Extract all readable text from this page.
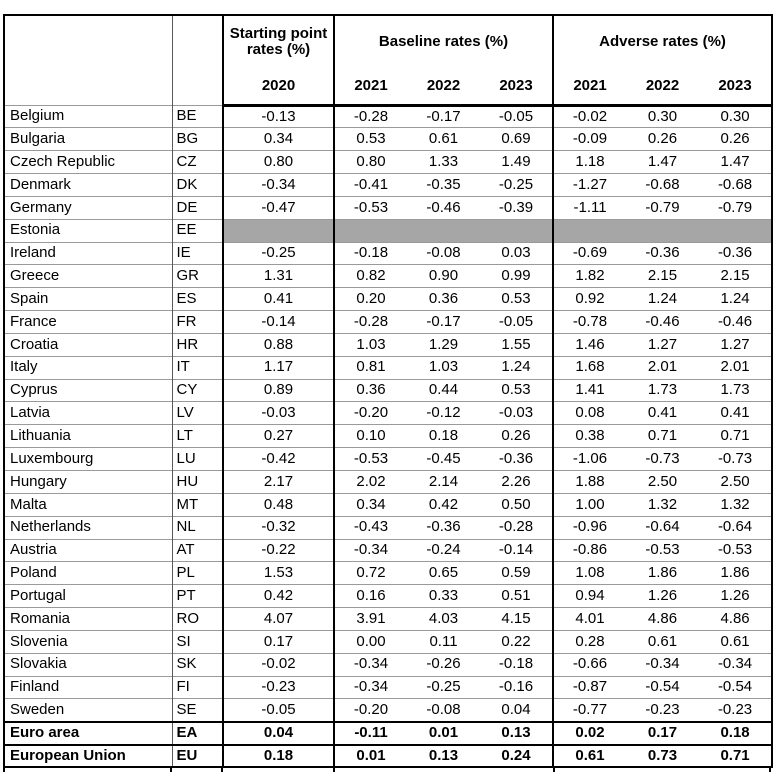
		Starting point rates (%)	Baseline rates (%)			Adverse rates (%)		
		2020	2021	2022	2023	2021	2022	2023
Belgium	BE	-0.13	-0.28	-0.17	-0.05	-0.02	0.30	0.30
Bulgaria	BG	0.34	0.53	0.61	0.69	-0.09	0.26	0.26
Czech Republic	CZ	0.80	0.80	1.33	1.49	1.18	1.47	1.47
Denmark	DK	-0.34	-0.41	-0.35	-0.25	-1.27	-0.68	-0.68
Germany	DE	-0.47	-0.53	-0.46	-0.39	-1.11	-0.79	-0.79
Estonia	EE							
Ireland	IE	-0.25	-0.18	-0.08	0.03	-0.69	-0.36	-0.36
Greece	GR	1.31	0.82	0.90	0.99	1.82	2.15	2.15
Spain	ES	0.41	0.20	0.36	0.53	0.92	1.24	1.24
France	FR	-0.14	-0.28	-0.17	-0.05	-0.78	-0.46	-0.46
Croatia	HR	0.88	1.03	1.29	1.55	1.46	1.27	1.27
Italy	IT	1.17	0.81	1.03	1.24	1.68	2.01	2.01
Cyprus	CY	0.89	0.36	0.44	0.53	1.41	1.73	1.73
Latvia	LV	-0.03	-0.20	-0.12	-0.03	0.08	0.41	0.41
Lithuania	LT	0.27	0.10	0.18	0.26	0.38	0.71	0.71
Luxembourg	LU	-0.42	-0.53	-0.45	-0.36	-1.06	-0.73	-0.73
Hungary	HU	2.17	2.02	2.14	2.26	1.88	2.50	2.50
Malta	MT	0.48	0.34	0.42	0.50	1.00	1.32	1.32
Netherlands	NL	-0.32	-0.43	-0.36	-0.28	-0.96	-0.64	-0.64
Austria	AT	-0.22	-0.34	-0.24	-0.14	-0.86	-0.53	-0.53
Poland	PL	1.53	0.72	0.65	0.59	1.08	1.86	1.86
Portugal	PT	0.42	0.16	0.33	0.51	0.94	1.26	1.26
Romania	RO	4.07	3.91	4.03	4.15	4.01	4.86	4.86
Slovenia	SI	0.17	0.00	0.11	0.22	0.28	0.61	0.61
Slovakia	SK	-0.02	-0.34	-0.26	-0.18	-0.66	-0.34	-0.34
Finland	FI	-0.23	-0.34	-0.25	-0.16	-0.87	-0.54	-0.54
Sweden	SE	-0.05	-0.20	-0.08	0.04	-0.77	-0.23	-0.23
Euro area	EA	0.04	-0.11	0.01	0.13	0.02	0.17	0.18
European Union	EU	0.18	0.01	0.13	0.24	0.61	0.73	0.71
